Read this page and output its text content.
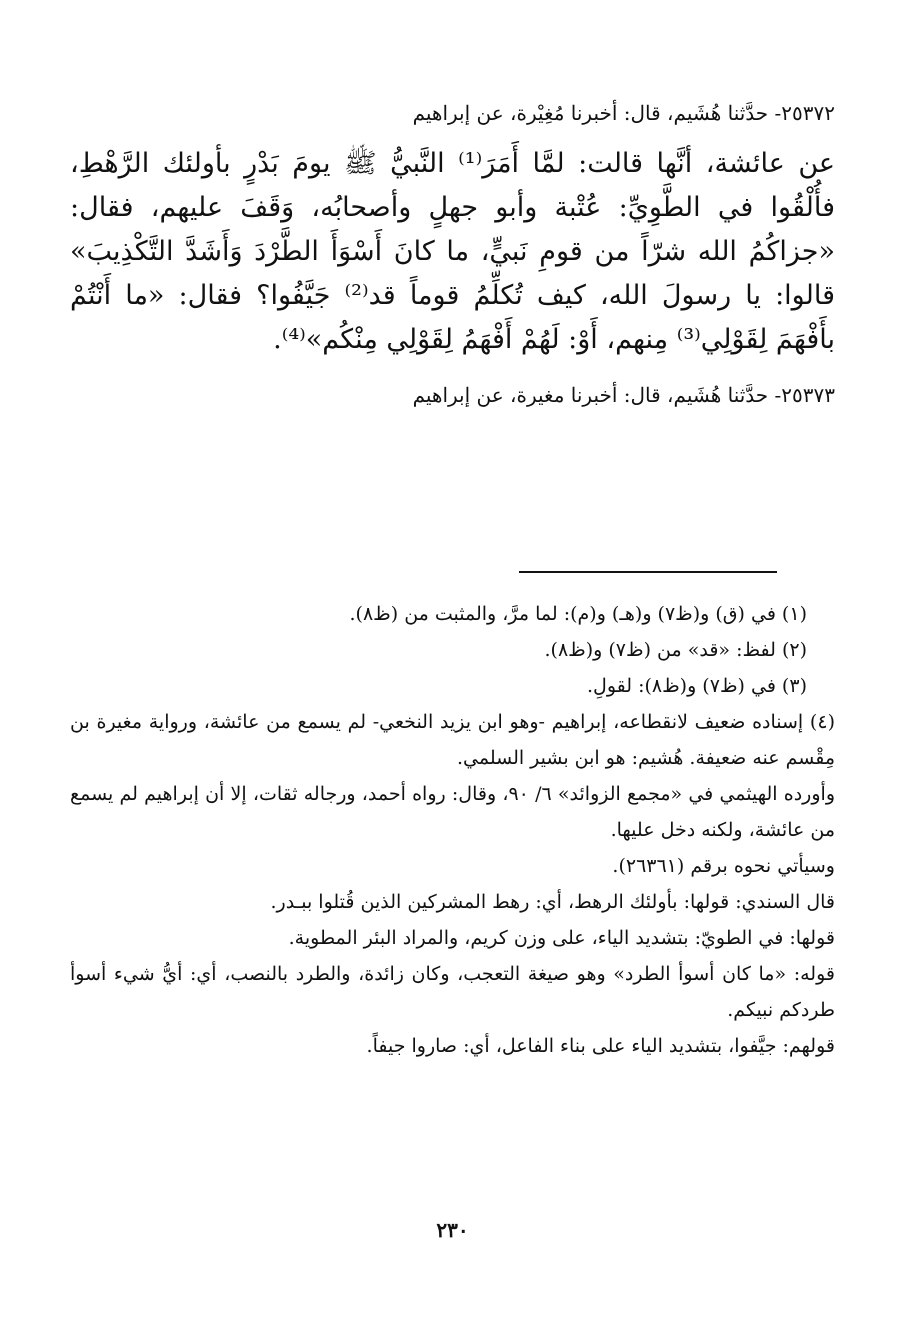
٢٥٣٧٢- حدَّثنا هُشَيم، قال: أخبرنا مُغِيْرة، عن إبراهيم

عن عائشة، أنَّها قالت: لمَّا أَمَرَ⁽¹⁾ النَّبيُّ ﷺ يومَ بَدْرٍ بأولئك الرَّهْطِ، فأُلْقُوا في الطَّوِيِّ: عُتْبة وأبو جهلٍ وأصحابُه، وَقَفَ عليهم، فقال: «جزاكُمُ الله شرّاً من قومِ نَبيٍّ، ما كانَ أَسْوَأَ الطَّرْدَ وَأَشَدَّ التَّكْذِيبَ» قالوا: يا رسولَ الله، كيف تُكلِّمُ قوماً قد⁽²⁾ جَيَّفُوا؟ فقال: «ما أَنْتُمْ بأَفْهَمَ لِقَوْلِي⁽³⁾ مِنهم، أَوْ: لَهُمْ أَفْهَمُ لِقَوْلِي مِنْكُم»⁽⁴⁾.

٢٥٣٧٣- حدَّثنا هُشَيم، قال: أخبرنا مغيرة، عن إبراهيم

(١) في (ق) و(ظ٧) و(هـ) و(م): لما مرَّ، والمثبت من (ظ٨).

(٢) لفظ: «قد» من (ظ٧) و(ظ٨).

(٣) في (ظ٧) و(ظ٨): لقولِ.

(٤) إسناده ضعيف لانقطاعه، إبراهيم -وهو ابن يزيد النخعي- لم يسمع من عائشة، ورواية مغيرة بن مِقْسم عنه ضعيفة. هُشيم: هو ابن بشير السلمي.

وأورده الهيثمي في «مجمع الزوائد» ٦/ ٩٠، وقال: رواه أحمد، ورجاله ثقات، إلا أن إبراهيم لم يسمع من عائشة، ولكنه دخل عليها.

وسيأتي نحوه برقم (٢٦٣٦١).

قال السندي: قولها: بأولئك الرهط، أي: رهط المشركين الذين قُتلوا ببـدر.

قولها: في الطويّ: بتشديد الياء، على وزن كريم، والمراد البئر المطوية.

قوله: «ما كان أسوأ الطرد» وهو صيغة التعجب، وكان زائدة، والطرد بالنصب، أي: أيُّ شيء أسوأ طردكم نبيكم.

قولهم: جيَّفوا، بتشديد الياء على بناء الفاعل، أي: صاروا جيفاً.

٢٣٠
